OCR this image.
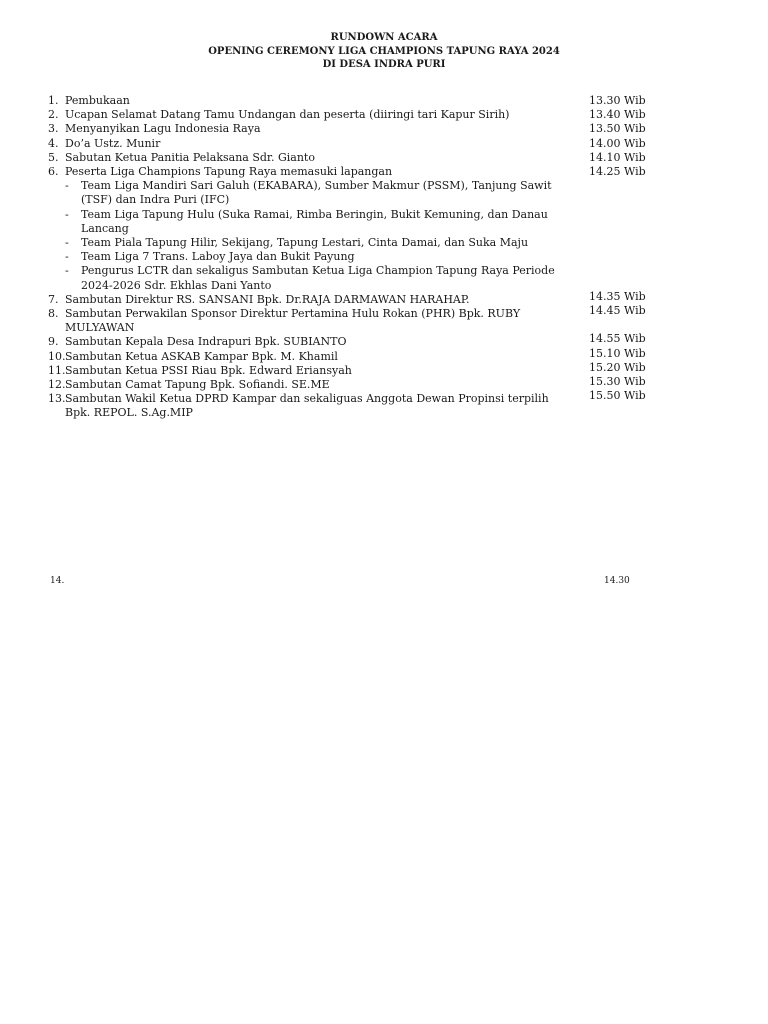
RUNDOWN ACARA
OPENING CEREMONY LIGA CHAMPIONS TAPUNG RAYA 2024
DI DESA INDRA PURI
1. Pembukaan	13.30 Wib
2. Ucapan Selamat Datang Tamu Undangan dan peserta (diiringi tari Kapur Sirih)	13.40 Wib
3. Menyanyikan Lagu Indonesia Raya	13.50 Wib
4. Do’a Ustz. Munir	14.00 Wib
5. Sabutan Ketua Panitia Pelaksana Sdr. Gianto	14.10 Wib
6. Peserta Liga Champions Tapung Raya memasuki lapangan	14.25 Wib
-	Team Liga Mandiri Sari Galuh (EKABARA), Sumber Makmur (PSSM), Tanjung Sawit (TSF) dan Indra Puri (IFC)
-	Team Liga Tapung Hulu (Suka Ramai, Rimba Beringin, Bukit Kemuning, dan Danau Lancang
-	Team Piala Tapung Hilir, Sekijang, Tapung Lestari, Cinta Damai, dan Suka Maju
-	Team Liga 7 Trans. Laboy Jaya dan Bukit Payung
-	Pengurus LCTR dan sekaligus Sambutan Ketua Liga Champion Tapung Raya Periode 2024-2026 Sdr. Ekhlas Dani Yanto
7. Sambutan Direktur RS. SANSANI Bpk. Dr.RAJA DARMAWAN HARAHAP.	14.35 Wib
8. Sambutan Perwakilan Sponsor Direktur Pertamina Hulu Rokan (PHR) Bpk. RUBY MULYAWAN
14.45 Wib
9. Sambutan Kepala Desa Indrapuri Bpk. SUBIANTO	14.55 Wib
10. Sambutan Ketua ASKAB Kampar Bpk. M. Khamil	15.10 Wib
11. Sambutan Ketua PSSI Riau Bpk. Edward Eriansyah	15.20 Wib
12. Sambutan Camat Tapung Bpk. Sofiandi. SE.ME	15.30 Wib
13. Sambutan Wakil Ketua DPRD Kampar dan sekaliguas Anggota Dewan Propinsi terpilih Bpk. REPOL. S.Ag.MIP
15.50 Wib
14.	14.30
